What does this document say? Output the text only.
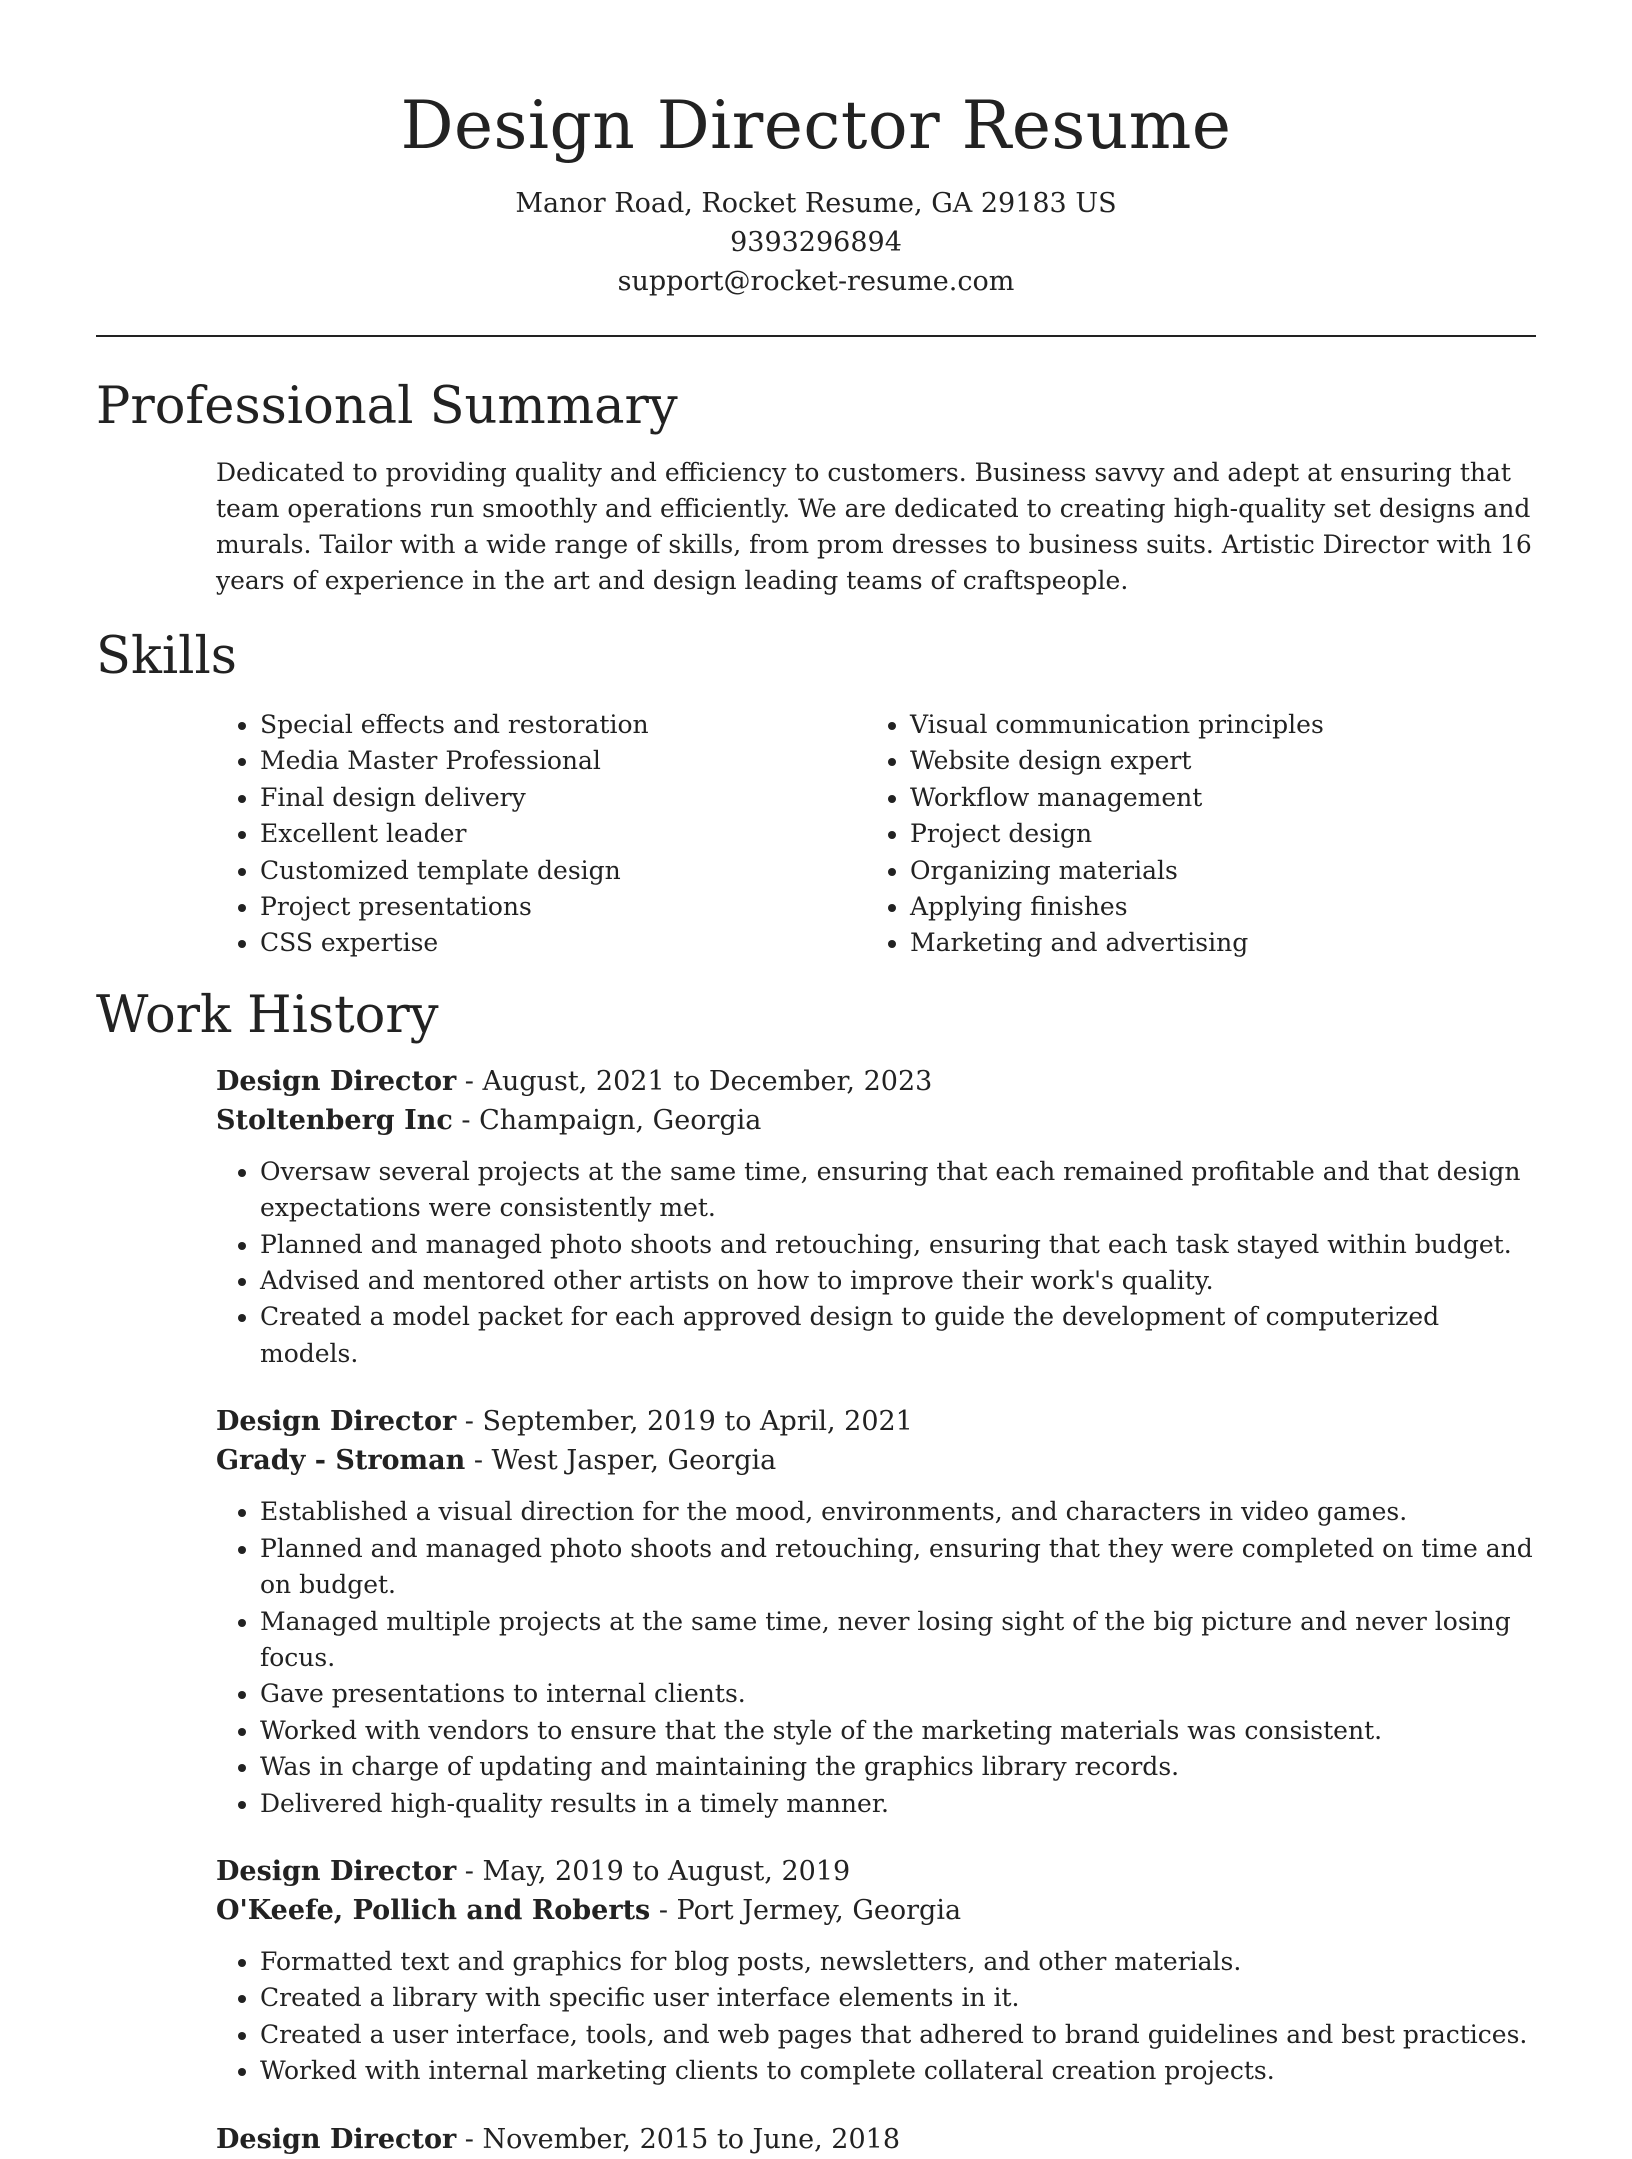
Design Director Resume
Manor Road, Rocket Resume, GA 29183 US
9393296894
support@rocket-resume.com
Professional Summary

Dedicated to providing quality and efficiency to customers. Business savvy and adept at ensuring that team operations run smoothly and efficiently. We are dedicated to creating high-quality set designs and murals. Tailor with a wide range of skills, from prom dresses to business suits. Artistic Director with 16 years of experience in the art and design leading teams of craftspeople.

Skills
• Special effects and restoration
• Media Master Professional
• Final design delivery
• Excellent leader
• Customized template design
• Project presentations
• CSS expertise
• Visual communication principles
• Website design expert
• Workflow management
• Project design
• Organizing materials
• Applying finishes
• Marketing and advertising
Work History
Design Director - August, 2021 to December, 2023
Stoltenberg Inc - Champaign, Georgia
• Oversaw several projects at the same time, ensuring that each remained profitable and that design expectations were consistently met.
• Planned and managed photo shoots and retouching, ensuring that each task stayed within budget.
• Advised and mentored other artists on how to improve their work's quality.
• Created a model packet for each approved design to guide the development of computerized models.
Design Director - September, 2019 to April, 2021
Grady - Stroman - West Jasper, Georgia
• Established a visual direction for the mood, environments, and characters in video games.
• Planned and managed photo shoots and retouching, ensuring that they were completed on time and on budget.
• Managed multiple projects at the same time, never losing sight of the big picture and never losing focus.
• Gave presentations to internal clients.
• Worked with vendors to ensure that the style of the marketing materials was consistent.
• Was in charge of updating and maintaining the graphics library records.
• Delivered high-quality results in a timely manner.
Design Director - May, 2019 to August, 2019
O'Keefe, Pollich and Roberts - Port Jermey, Georgia
• Formatted text and graphics for blog posts, newsletters, and other materials.
• Created a library with specific user interface elements in it.
• Created a user interface, tools, and web pages that adhered to brand guidelines and best practices.
• Worked with internal marketing clients to complete collateral creation projects.
Design Director - November, 2015 to June, 2018
